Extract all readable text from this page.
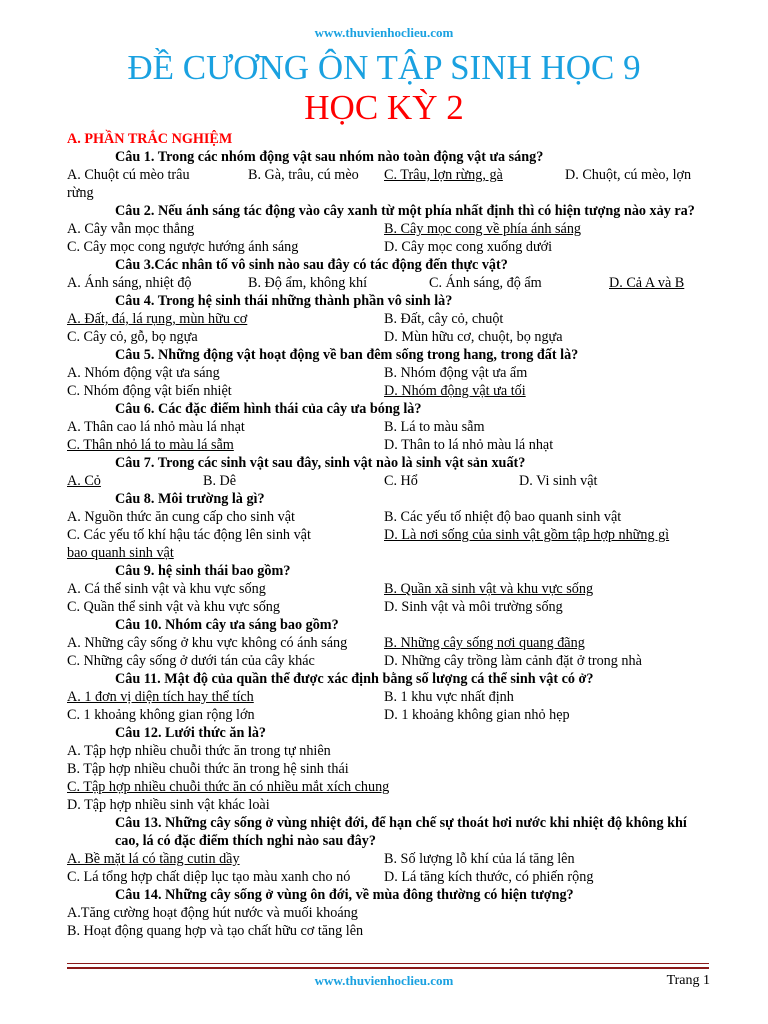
www.thuvienhoclieu.com
ĐỀ CƯƠNG ÔN TẬP SINH HỌC 9
HỌC KỲ 2
A. PHẦN TRẮC NGHIỆM
Câu 1. Trong các nhóm động vật sau nhóm nào toàn động vật ưa sáng?
A. Chuột cú mèo trâu	B. Gà, trâu, cú mèo C. Trâu, lợn rừng, gà	D. Chuột, cú mèo, lợn rừng
Câu 2. Nếu ánh sáng tác động vào cây xanh từ một phía nhất định thì có hiện tượng nào xảy ra?
A. Cây vẫn mọc thẳng	B. Cây mọc cong về phía ánh sáng
C. Cây mọc cong ngược hướng ánh sáng	D. Cây mọc cong xuống dưới
Câu 3.Các nhân tố vô sinh nào sau đây có tác động đến thực vật?
A. Ánh sáng, nhiệt độ	B. Độ ẩm, không khí	C. Ánh sáng, độ ẩm	D. Cả A và B
Câu 4. Trong hệ sinh thái những thành phần vô sinh là?
A. Đất, đá, lá rụng, mùn hữu cơ	B. Đất, cây cỏ, chuột
C. Cây cỏ, gỗ, bọ ngựa	D. Mùn hữu cơ, chuột, bọ ngựa
Câu 5. Những động vật hoạt động về ban đêm sống trong hang, trong đất là?
A. Nhóm động vật ưa sáng	B. Nhóm động vật ưa ẩm
C. Nhóm động vật biến nhiệt	D. Nhóm động vật ưa tối
Câu 6. Các đặc điểm hình thái của cây ưa bóng là?
A. Thân cao lá nhỏ màu lá nhạt	B. Lá to màu sẫm
C. Thân nhỏ lá to màu lá sẫm	D. Thân to lá nhỏ màu lá nhạt
Câu 7. Trong các sinh vật sau đây, sinh vật nào là sinh vật sản xuất?
A. Cỏ	B. Dê	C. Hổ	D. Vi sinh vật
Câu 8. Môi trường là gì?
A. Nguồn thức ăn cung cấp cho sinh vật	B. Các yếu tố nhiệt độ bao quanh sinh vật
C. Các yếu tố khí hậu tác động lên sinh vật	D. Là nơi sống của sinh vật gồm tập hợp những gì
bao quanh sinh vật
Câu 9. hệ sinh thái bao gồm?
A. Cá thể sinh vật và khu vực sống	B. Quần xã sinh vật và khu vực sống
C. Quần thể sinh vật và khu vực sống	D. Sinh vật và môi trường sống
Câu 10. Nhóm cây ưa sáng bao gồm?
A. Những cây sống ở khu vực không có ánh sáng	B. Những cây sống nơi quang đãng
C. Những cây sống ở dưới tán của cây khác	D. Những cây trồng làm cảnh đặt ở trong nhà
Câu 11. Mật độ của quần thể được xác định bằng số lượng cá thể sinh vật có ở?
A. 1 đơn vị diện tích hay thể tích	B. 1 khu vực nhất định
C. 1 khoảng không gian rộng lớn	D. 1 khoảng không gian nhỏ hẹp
Câu 12. Lưới thức ăn là?
A. Tập hợp nhiều chuỗi thức ăn trong tự nhiên
B. Tập hợp nhiều chuỗi thức ăn trong hệ sinh thái
C. Tập hợp nhiều chuỗi thức ăn có nhiều mắt xích chung
D. Tập hợp nhiều sinh vật khác loài
Câu 13. Những cây sống ở vùng nhiệt đới, để hạn chế sự thoát hơi nước khi nhiệt độ không khí cao, lá có đặc điểm thích nghi nào sau đây?
A. Bề mặt lá có tầng cutin dầy	B. Số lượng lỗ khí của lá tăng lên
C. Lá tổng hợp chất diệp lục tạo màu xanh cho nó D. Lá tăng kích thước, có phiến rộng
Câu 14. Những cây sống ở vùng ôn đới, về mùa đông thường có hiện tượng?
A.Tăng cường hoạt động hút nước và muối khoáng
B. Hoạt động quang hợp và tạo chất hữu cơ tăng lên
www.thuvienhoclieu.com	Trang 1
